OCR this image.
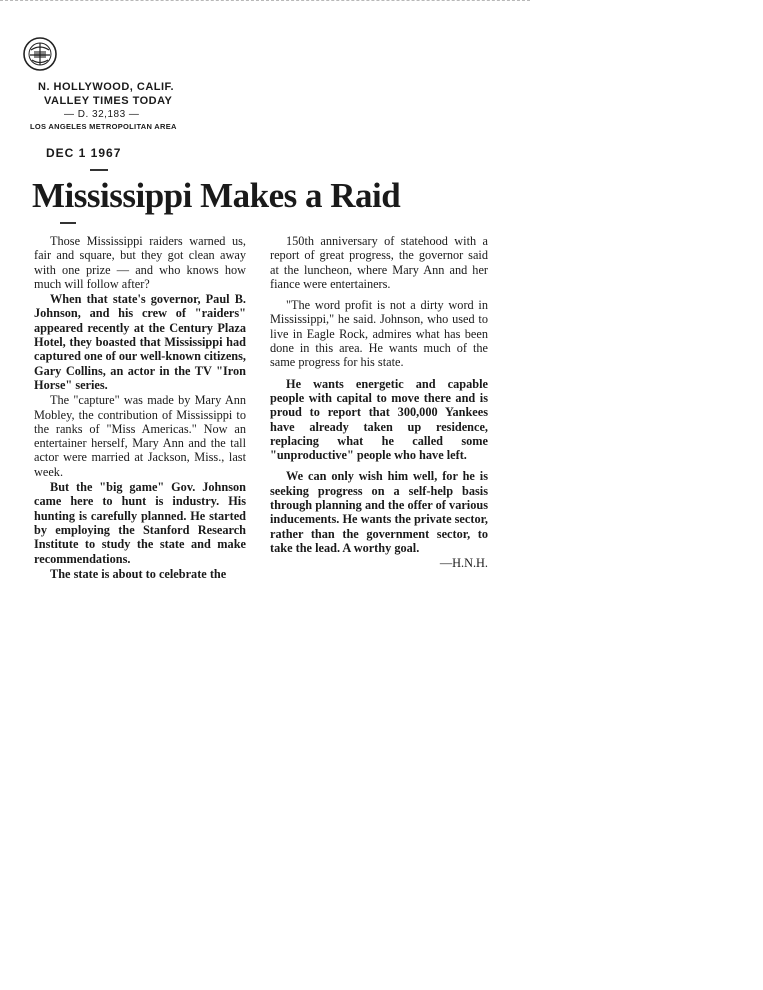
N. HOLLYWOOD, CALIF.
VALLEY TIMES TODAY
— D. 32,183 —
LOS ANGELES METROPOLITAN AREA
DEC 1 1967
Mississippi Makes a Raid

Those Mississippi raiders warned us, fair and square, but they got clean away with one prize — and who knows how much will follow after?

When that state's governor, Paul B. Johnson, and his crew of "raiders" appeared recently at the Century Plaza Hotel, they boasted that Mississippi had captured one of our well-known citizens, Gary Collins, an actor in the TV "Iron Horse" series.

The "capture" was made by Mary Ann Mobley, the contribution of Mississippi to the ranks of "Miss Americas." Now an entertainer herself, Mary Ann and the tall actor were married at Jackson, Miss., last week.

But the "big game" Gov. Johnson came here to hunt is industry. His hunting is carefully planned. He started by employing the Stanford Research Institute to study the state and make recommendations.

The state is about to celebrate the

150th anniversary of statehood with a report of great progress, the governor said at the luncheon, where Mary Ann and her fiance were entertainers.

"The word profit is not a dirty word in Mississippi," he said. Johnson, who used to live in Eagle Rock, admires what has been done in this area. He wants much of the same progress for his state.

He wants energetic and capable people with capital to move there and is proud to report that 300,000 Yankees have already taken up residence, replacing what he called some "unproductive" people who have left.

We can only wish him well, for he is seeking progress on a self-help basis through planning and the offer of various inducements. He wants the private sector, rather than the government sector, to take the lead. A worthy goal.

—H.N.H.
